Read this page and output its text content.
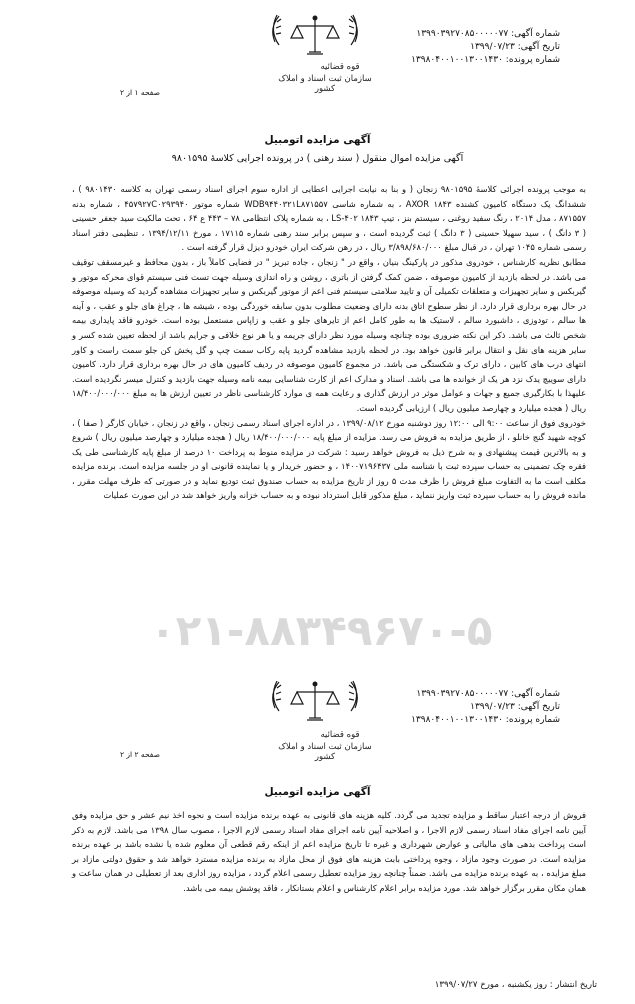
قوه قضائیه
سازمان ثبت اسناد و املاک کشور
شماره آگهی: ۱۳۹۹۰۳۹۲۷۰۸۵۰۰۰۰۰۷۷
تاریخ آگهی: ۱۳۹۹/۰۷/۲۳
شماره پرونده: ۱۳۹۸۰۴۰۰۱۰۰۱۳۰۰۱۴۳۰
صفحه ۱ از ۲
آگهی مزایده اتومبیل
آگهی مزایده اموال منقول ( سند رهنی ) در پرونده اجرایی کلاسهٔ ۹۸۰۱۵۹۵

به موجب پرونده اجرائی کلاسهٔ ۹۸۰۱۵۹۵ زنجان ( و بنا به نیابت اجرایی اعطایی از اداره سوم اجرای اسناد رسمی تهران به کلاسه ۹۸۰۱۴۳۰ ) ، ششدانگ یک دستگاه کامیون کشنده AXOR ۱۸۴۳ ، به شماره شاسی WDB۹۴۴۰۳۲۱L۸۷۱۵۵۷ شماره موتور ۴۵۷۹۲۷C۰۲۹۳۹۴۰ ، شماره بدنه ۸۷۱۵۵۷ ، مدل ۲۰۱۴ ، رنگ سفید روغنی ، سیستم بنز ، تیپ ۱۸۴۳ LS-۴۰۲ ، به شماره پلاک انتظامی ۷۸ – ۴۴۳ ع ۶۴ ، تحت مالکیت سید جعفر حسینی ( ۳ دانگ ) ، سید سهیلا حسینی ( ۳ دانگ ) ثبت گردیده است ، و سپس برابر سند رهنی شماره ۱۷۱۱۵ ، مورخ ۱۳۹۴/۱۲/۱۱ ، تنظیمی دفتر اسناد رسمی شماره ۱۰۴۵ تهران ، در قبال مبلغ ۳/۸۹۸/۶۸۰/۰۰۰ ریال ، در رهن شرکت ایران خودرو دیزل قرار گرفته است .

مطابق نظریه کارشناس ، خودروی مذکور در پارکینگ بنیان ، واقع در " زنجان ، جاده تبریز " در فضایی کاملاً باز ، بدون محافظ و غیرمسقف توقیف می باشد. در لحظه بازدید از کامیون موصوفه ، ضمن کمک گرفتن از باتری ، روشن و راه اندازی وسیله جهت تست فنی سیستم قوای محرکه موتور و گیربکس و سایر تجهیزات و متعلقات تکمیلی آن و تایید سلامتی سیستم فنی اعم از موتور گیربکس و سایر تجهیزات مشاهده گردید که وسیله موصوفه در حال بهره برداری قرار دارد. از نظر سطوح اتاق بدنه دارای وضعیت مطلوب بدون سابقه خوردگی بوده ، شیشه ها ، چراغ های جلو و عقب ، و آینه ها سالم ، تودوزی ، داشبورد سالم ، لاستیک ها به طور کامل اعم از تایرهای جلو و عقب و زاپاس مستعمل بوده است. خودرو فاقد پایداری بیمه شخص ثالث می باشد. ذکر این نکته ضروری بوده چنانچه وسیله مورد نظر دارای جریمه و یا هر نوع خلافی و جرایم باشد از لحظه تعیین شده کسر و سایر هزینه های نقل و انتقال برابر قانون خواهد بود. در لحظه بازدید مشاهده گردید پایه رکاب سمت چپ و گل پخش کن جلو سمت راست و کاور انتهای درب های کابین ، دارای ترک و شکستگی می باشد. در مجموع کامیون موصوفه در ردیف کامیون های در حال بهره برداری قرار دارد. کامیون دارای سوییچ یدک نزد هر یک از خوانده ها می باشد. اسناد و مدارک اعم از کارت شناسایی بیمه نامه وسیله جهت بازدید و کنترل میسر نگردیده است. علیهذا با بکارگیری جمیع و جهات و عوامل موثر در ارزش گذاری و رعایت همه ی موارد کارشناسی ناظر در تعیین ارزش ها به مبلغ ۱۸/۴۰۰/۰۰۰/۰۰۰ ریال ( هجده میلیارد و چهارصد میلیون ریال ) ارزیابی گردیده است.

خودروی فوق از ساعت ۹:۰۰ الی ۱۲:۰۰ روز دوشنبه مورخ ۱۳۹۹/۰۸/۱۲ ، در اداره اجرای اسناد رسمی زنجان ، واقع در زنجان ، خیابان کارگر ( صفا ) ، کوچه شهید گنج خانلو ، از طریق مزایده به فروش می رسد. مزایده از مبلغ پایه ۱۸/۴۰۰/۰۰۰/۰۰۰ ریال ( هجده میلیارد و چهارصد میلیون ریال ) شروع و به بالاترین قیمت پیشنهادی و به شرح ذیل به فروش خواهد رسید : شرکت در مزایده منوط به پرداخت ۱۰ درصد از مبلغ پایه کارشناسی طی یک فقره چک تضمینی به حساب سپرده ثبت با شناسه ملی ۱۴۰۰۷۱۹۶۴۳۷ ، و حضور خریدار و یا نماینده قانونی او در جلسه مزایده است. برنده مزایده مکلف است ما به التفاوت مبلغ فروش را ظرف مدت ۵ روز از تاریخ مزایده به حساب صندوق ثبت تودیع نماید و در صورتی که ظرف مهلت مقرر ، مانده فروش را به حساب سپرده ثبت واریز ننماید ، مبلغ مذکور قابل استرداد نبوده و به حساب خزانه واریز خواهد شد در این صورت عملیات

۰۲۱-۸۸۳۴۹۶۷۰-۵
قوه قضائیه
سازمان ثبت اسناد و املاک کشور
شماره آگهی: ۱۳۹۹۰۳۹۲۷۰۸۵۰۰۰۰۰۷۷
تاریخ آگهی: ۱۳۹۹/۰۷/۲۳
شماره پرونده: ۱۳۹۸۰۴۰۰۱۰۰۱۳۰۰۱۴۳۰
صفحه ۲ از ۲
آگهی مزایده اتومبیل

فروش از درجه اعتبار ساقط و مزایده تجدید می گردد. کلیه هزینه های قانونی به عهده برنده مزایده است و نحوه اخذ نیم عشر و حق مزایده وفق آیین نامه اجرای مفاد اسناد رسمی لازم الاجرا ، و اصلاحیه آیین نامه اجرای مفاد اسناد رسمی لازم الاجرا ، مصوب سال ۱۳۹۸ می باشد. لازم به ذکر است پرداخت بدهی های مالیاتی و عوارض شهرداری و غیره تا تاریخ مزایده اعم از اینکه رقم قطعی آن معلوم شده یا نشده باشد بر عهده برنده مزایده است. در صورت وجود مازاد ، وجوه پرداختی بابت هزینه های فوق از محل مازاد به برنده مزایده مسترد خواهد شد و حقوق دولتی مازاد بر مبلغ مزایده ، به عهده برنده مزایده می باشد. ضمناً چنانچه روز مزایده تعطیل رسمی اعلام گردد ، مزایده روز اداری بعد از تعطیلی در همان ساعت و همان مکان مقرر برگزار خواهد شد. مورد مزایده برابر اعلام کارشناس و اعلام بستانکار ، فاقد پوشش بیمه می باشد.

تاریخ انتشار : روز یکشنبه ، مورخ ۱۳۹۹/۰۷/۲۷
